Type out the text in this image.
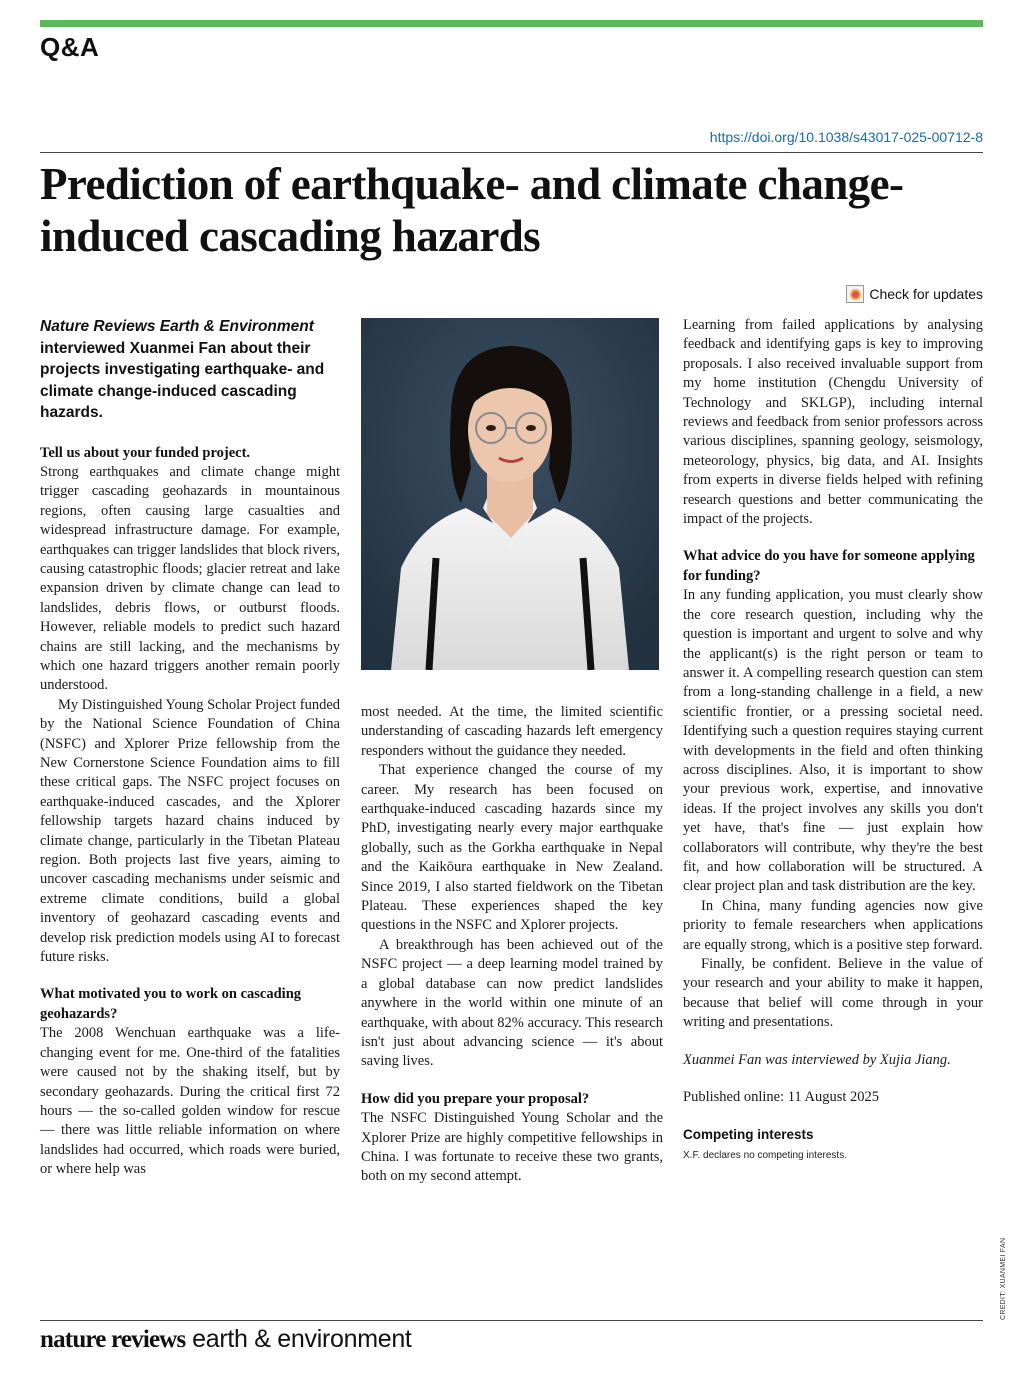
Q&A
https://doi.org/10.1038/s43017-025-00712-8
Prediction of earthquake- and climate change-induced cascading hazards
Check for updates
Nature Reviews Earth & Environment interviewed Xuanmei Fan about their projects investigating earthquake- and climate change-induced cascading hazards.
Tell us about your funded project.

Strong earthquakes and climate change might trigger cascading geohazards in mountainous regions, often causing large casualties and widespread infrastructure damage. For example, earthquakes can trigger landslides that block rivers, causing catastrophic floods; glacier retreat and lake expansion driven by climate change can lead to landslides, debris flows, or outburst floods. However, reliable models to predict such hazard chains are still lacking, and the mechanisms by which one hazard triggers another remain poorly understood.

My Distinguished Young Scholar Project funded by the National Science Foundation of China (NSFC) and Xplorer Prize fellowship from the New Cornerstone Science Foundation aims to fill these critical gaps. The NSFC project focuses on earthquake-induced cascades, and the Xplorer fellowship targets hazard chains induced by climate change, particularly in the Tibetan Plateau region. Both projects last five years, aiming to uncover cascading mechanisms under seismic and extreme climate conditions, build a global inventory of geohazard cascading events and develop risk prediction models using AI to forecast future risks.

What motivated you to work on cascading geohazards?

The 2008 Wenchuan earthquake was a life-changing event for me. One-third of the fatalities were caused not by the shaking itself, but by secondary geohazards. During the critical first 72 hours — the so-called golden window for rescue — there was little reliable information on where landslides had occurred, which roads were buried, or where help was

most needed. At the time, the limited scientific understanding of cascading hazards left emergency responders without the guidance they needed.

That experience changed the course of my career. My research has been focused on earthquake-induced cascading hazards since my PhD, investigating nearly every major earthquake globally, such as the Gorkha earthquake in Nepal and the Kaikōura earthquake in New Zealand. Since 2019, I also started fieldwork on the Tibetan Plateau. These experiences shaped the key questions in the NSFC and Xplorer projects.

A breakthrough has been achieved out of the NSFC project — a deep learning model trained by a global database can now predict landslides anywhere in the world within one minute of an earthquake, with about 82% accuracy. This research isn't just about advancing science — it's about saving lives.

How did you prepare your proposal?

The NSFC Distinguished Young Scholar and the Xplorer Prize are highly competitive fellowships in China. I was fortunate to receive these two grants, both on my second attempt.

Learning from failed applications by analysing feedback and identifying gaps is key to improving proposals. I also received invaluable support from my home institution (Chengdu University of Technology and SKLGP), including internal reviews and feedback from senior professors across various disciplines, spanning geology, seismology, meteorology, physics, big data, and AI. Insights from experts in diverse fields helped with refining research questions and better communicating the impact of the projects.

What advice do you have for someone applying for funding?

In any funding application, you must clearly show the core research question, including why the question is important and urgent to solve and why the applicant(s) is the right person or team to answer it. A compelling research question can stem from a long-standing challenge in a field, a new scientific frontier, or a pressing societal need. Identifying such a question requires staying current with developments in the field and often thinking across disciplines. Also, it is important to show your previous work, expertise, and innovative ideas. If the project involves any skills you don't yet have, that's fine — just explain how collaborators will contribute, why they're the best fit, and how collaboration will be structured. A clear project plan and task distribution are the key.

In China, many funding agencies now give priority to female researchers when applications are equally strong, which is a positive step forward.

Finally, be confident. Believe in the value of your research and your ability to make it happen, because that belief will come through in your writing and presentations.

Xuanmei Fan was interviewed by Xujia Jiang.

Published online: 11 August 2025

Competing interests
X.F. declares no competing interests.
CREDIT: XUANMEI FAN
nature reviews earth & environment
